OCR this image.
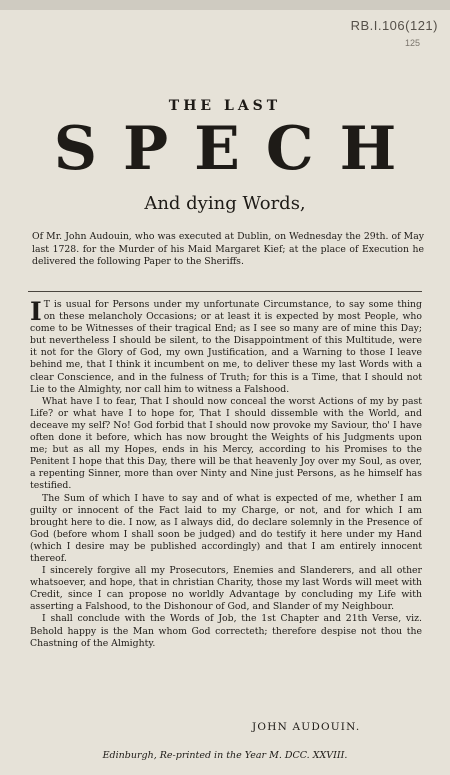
RB.I.106(121)
125
THE LAST
SPECH
And dying Words,
Of Mr. John Audouin, who was executed at Dublin, on Wednesday the 29th. of May last 1728. for the Murder of his Maid Margaret Kief; at the place of Execution he delivered the following Paper to the Sheriffs.

I T is usual for Persons under my unfortunate Circumstance, to say some thing on these melancholy Occasions; or at least it is expected by most People, who come to be Witnesses of their tragical End; as I see so many are of mine this Day; but nevertheless I should be silent, to the Disappointment of this Multitude, were it not for the Glory of God, my own Justification, and a Warning to those I leave behind me, that I think it incumbent on me, to deliver these my last Words with a clear Conscience, and in the fulness of Truth; for this is a Time, that I should not Lie to the Almighty, nor call him to witness a Falshood.

What have I to fear, That I should now conceal the worst Actions of my by past Life? or what have I to hope for, That I should dissemble with the World, and deceave my self? No! God forbid that I should now provoke my Saviour, tho' I have often done it before, which has now brought the Weights of his Judgments upon me; but as all my Hopes, ends in his Mercy, according to his Promises to the Penitent I hope that this Day, there will be that heavenly Joy over my Soul, as over, a repenting Sinner, more than over Ninty and Nine just Persons, as he himself has testified.

The Sum of which I have to say and of what is expected of me, whether I am guilty or innocent of the Fact laid to my Charge, or not, and for which I am brought here to die. I now, as I always did, do declare solemnly in the Presence of God (before whom I shall soon be judged) and do testify it here under my Hand (which I desire may be published accordingly) and that I am entirely innocent thereof.

I sincerely forgive all my Prosecutors, Enemies and Slanderers, and all other whatsoever, and hope, that in christian Charity, those my last Words will meet with Credit, since I can propose no worldly Advantage by concluding my Life with asserting a Falshood, to the Dishonour of God, and Slander of my Neighbour.

I shall conclude with the Words of Job, the 1st Chapter and 21th Verse, viz. Behold happy is the Man whom God correcteth; therefore despise not thou the Chastning of the Almighty.

JOHN AUDOUIN.
Edinburgh, Re-printed in the Year M. DCC. XXVIII.
